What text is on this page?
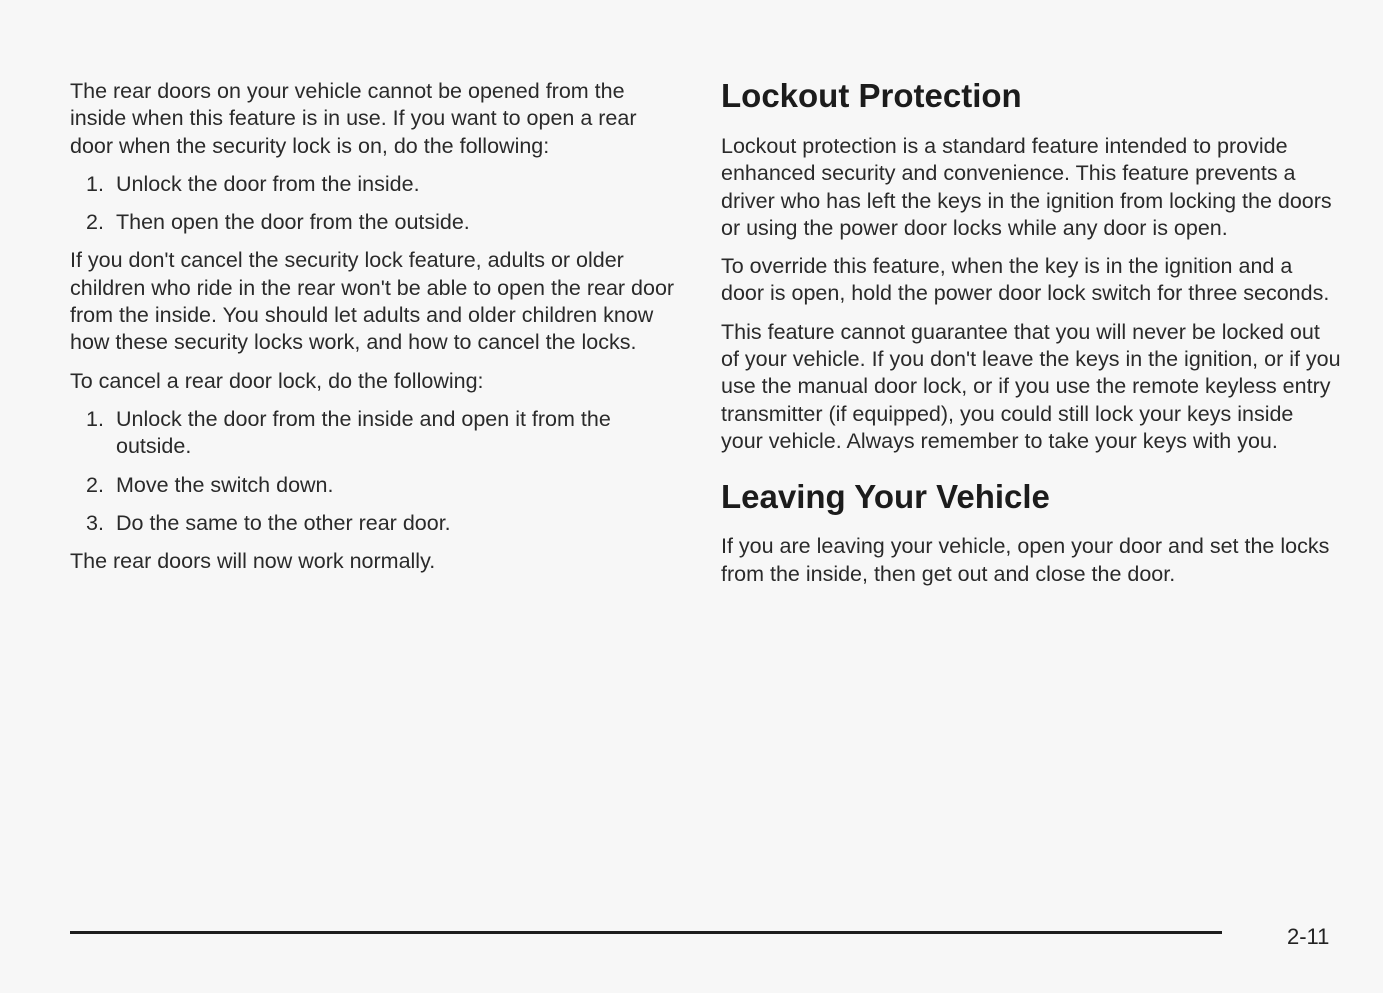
The rear doors on your vehicle cannot be opened from the inside when this feature is in use. If you want to open a rear door when the security lock is on, do the following:

1. Unlock the door from the inside.
2. Then open the door from the outside.

If you don't cancel the security lock feature, adults or older children who ride in the rear won't be able to open the rear door from the inside. You should let adults and older children know how these security locks work, and how to cancel the locks.

To cancel a rear door lock, do the following:

1. Unlock the door from the inside and open it from the outside.
2. Move the switch down.
3. Do the same to the other rear door.

The rear doors will now work normally.

Lockout Protection

Lockout protection is a standard feature intended to provide enhanced security and convenience. This feature prevents a driver who has left the keys in the ignition from locking the doors or using the power door locks while any door is open.

To override this feature, when the key is in the ignition and a door is open, hold the power door lock switch for three seconds.

This feature cannot guarantee that you will never be locked out of your vehicle. If you don't leave the keys in the ignition, or if you use the manual door lock, or if you use the remote keyless entry transmitter (if equipped), you could still lock your keys inside your vehicle. Always remember to take your keys with you.

Leaving Your Vehicle

If you are leaving your vehicle, open your door and set the locks from the inside, then get out and close the door.

2-11
